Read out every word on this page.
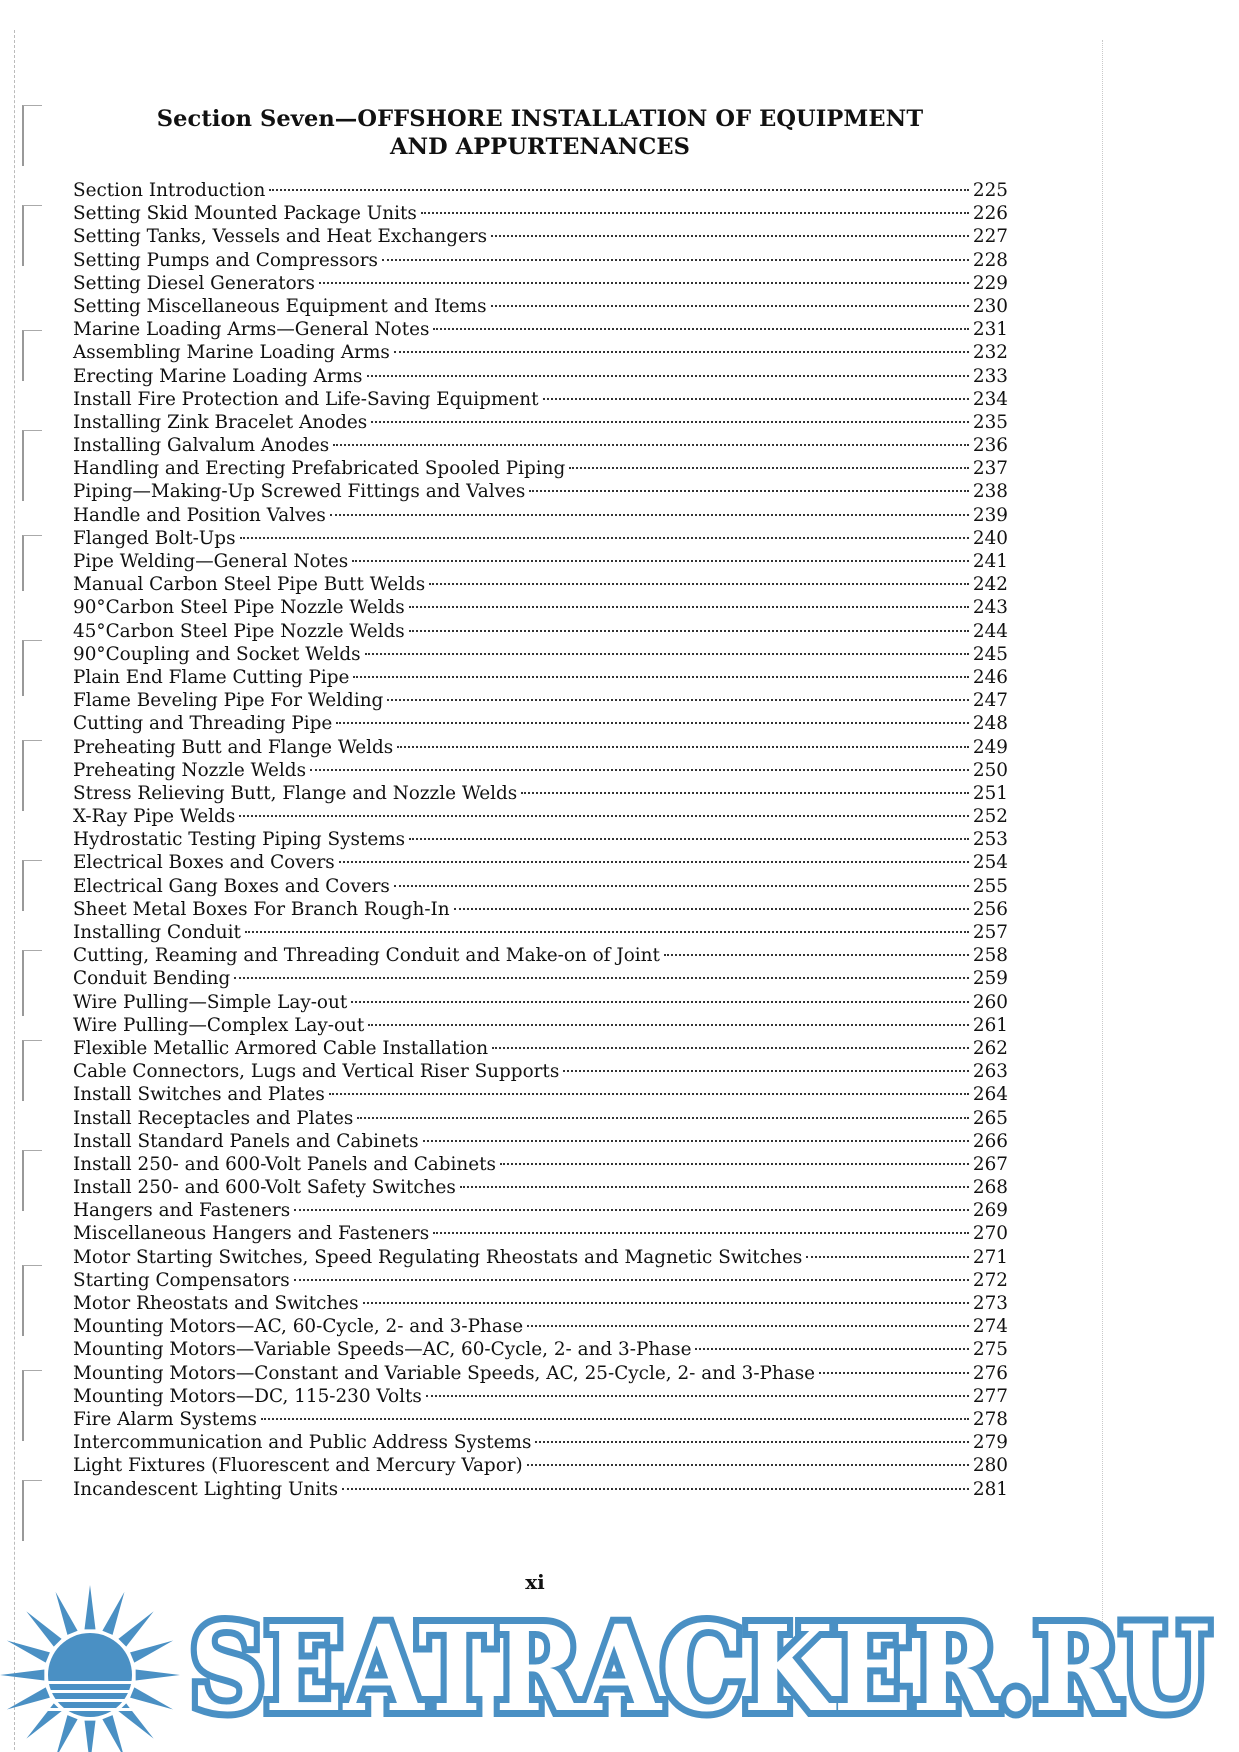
Section Seven—OFFSHORE INSTALLATION OF EQUIPMENT
AND APPURTENANCES
Section Introduction	225
Setting Skid Mounted Package Units	226
Setting Tanks, Vessels and Heat Exchangers	227
Setting Pumps and Compressors	228
Setting Diesel Generators	229
Setting Miscellaneous Equipment and Items	230
Marine Loading Arms—General Notes	231
Assembling Marine Loading Arms	232
Erecting Marine Loading Arms	233
Install Fire Protection and Life-Saving Equipment	234
Installing Zink Bracelet Anodes	235
Installing Galvalum Anodes	236
Handling and Erecting Prefabricated Spooled Piping	237
Piping—Making-Up Screwed Fittings and Valves	238
Handle and Position Valves	239
Flanged Bolt-Ups	240
Pipe Welding—General Notes	241
Manual Carbon Steel Pipe Butt Welds	242
90°Carbon Steel Pipe Nozzle Welds	243
45°Carbon Steel Pipe Nozzle Welds	244
90°Coupling and Socket Welds	245
Plain End Flame Cutting Pipe	246
Flame Beveling Pipe For Welding	247
Cutting and Threading Pipe	248
Preheating Butt and Flange Welds	249
Preheating Nozzle Welds	250
Stress Relieving Butt, Flange and Nozzle Welds	251
X-Ray Pipe Welds	252
Hydrostatic Testing Piping Systems	253
Electrical Boxes and Covers	254
Electrical Gang Boxes and Covers	255
Sheet Metal Boxes For Branch Rough-In	256
Installing Conduit	257
Cutting, Reaming and Threading Conduit and Make-on of Joint	258
Conduit Bending	259
Wire Pulling—Simple Lay-out	260
Wire Pulling—Complex Lay-out	261
Flexible Metallic Armored Cable Installation	262
Cable Connectors, Lugs and Vertical Riser Supports	263
Install Switches and Plates	264
Install Receptacles and Plates	265
Install Standard Panels and Cabinets	266
Install 250- and 600-Volt Panels and Cabinets	267
Install 250- and 600-Volt Safety Switches	268
Hangers and Fasteners	269
Miscellaneous Hangers and Fasteners	270
Motor Starting Switches, Speed Regulating Rheostats and Magnetic Switches	271
Starting Compensators	272
Motor Rheostats and Switches	273
Mounting Motors—AC, 60-Cycle, 2- and 3-Phase	274
Mounting Motors—Variable Speeds—AC, 60-Cycle, 2- and 3-Phase	275
Mounting Motors—Constant and Variable Speeds, AC, 25-Cycle, 2- and 3-Phase	276
Mounting Motors—DC, 115-230 Volts	277
Fire Alarm Systems	278
Intercommunication and Public Address Systems	279
Light Fixtures (Fluorescent and Mercury Vapor)	280
Incandescent Lighting Units	281
xi
SEATRACKER.RU
